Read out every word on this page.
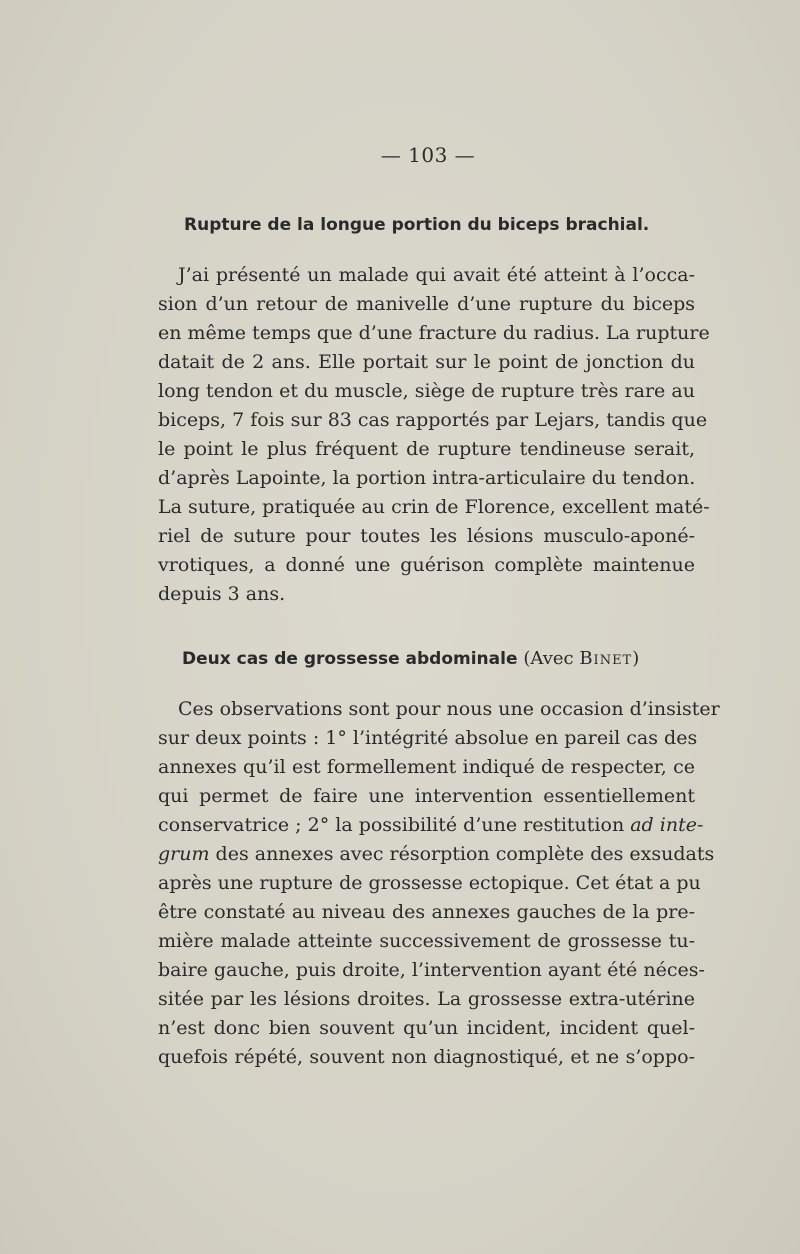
— 103 —
Rupture de la longue portion du biceps brachial.
J’ai présenté un malade qui avait été atteint à l’occa-
sion d’un retour de manivelle d’une rupture du biceps
en même temps que d’une fracture du radius. La rupture
datait de 2 ans. Elle portait sur le point de jonction du
long tendon et du muscle, siège de rupture très rare au
biceps, 7 fois sur 83 cas rapportés par Lejars, tandis que
le point le plus fréquent de rupture tendineuse serait,
d’après Lapointe, la portion intra-articulaire du tendon.
La suture, pratiquée au crin de Florence, excellent maté-
riel de suture pour toutes les lésions musculo-aponé-
vrotiques, a donné une guérison complète maintenue
depuis 3 ans.
Deux cas de grossesse abdominale (Avec Binet)
Ces observations sont pour nous une occasion d’insister
sur deux points : 1° l’intégrité absolue en pareil cas des
annexes qu’il est formellement indiqué de respecter, ce
qui permet de faire une intervention essentiellement
conservatrice ; 2° la possibilité d’une restitution ad inte-
grum des annexes avec résorption complète des exsudats
après une rupture de grossesse ectopique. Cet état a pu
être constaté au niveau des annexes gauches de la pre-
mière malade atteinte successivement de grossesse tu-
baire gauche, puis droite, l’intervention ayant été néces-
sitée par les lésions droites. La grossesse extra-utérine
n’est donc bien souvent qu’un incident, incident quel-
quefois répété, souvent non diagnostiqué, et ne s’oppo-
